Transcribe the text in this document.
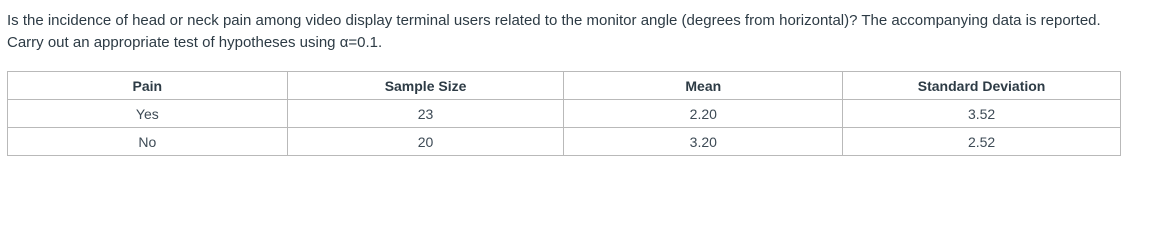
Is the incidence of head or neck pain among video display terminal users related to the monitor angle (degrees from horizontal)? The accompanying data is reported.

Carry out an appropriate test of hypotheses using α=0.1.

Pain	Sample Size	Mean	Standard Deviation
Yes	23	2.20	3.52
No	20	3.20	2.52
